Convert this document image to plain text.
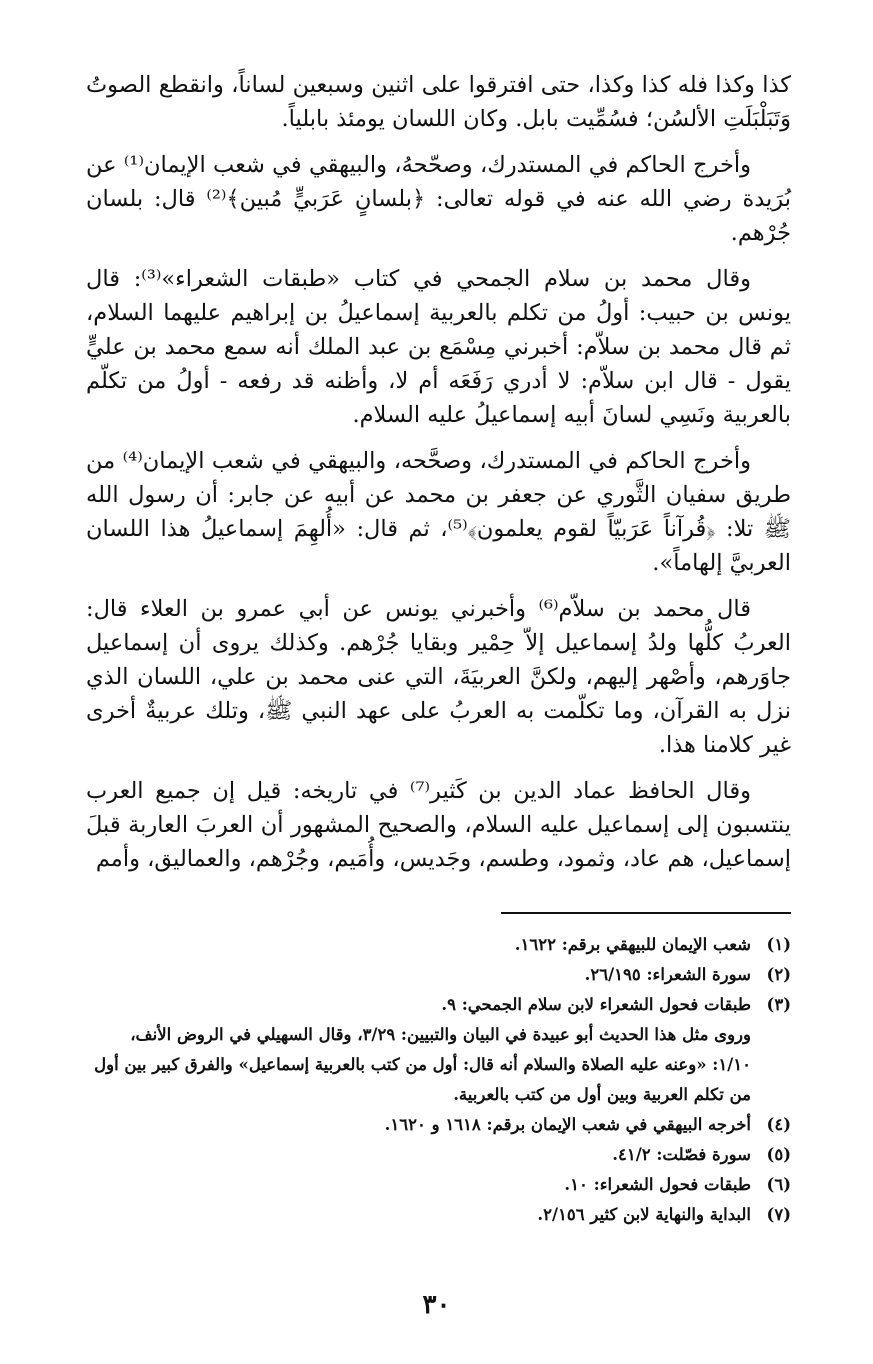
كذا وكذا فله كذا وكذا، حتى افترقوا على اثنين وسبعين لساناً، وانقطع الصوتُ وَتَبَلْبَلَتِ الألسُن؛ فسُمِّيت بابل. وكان اللسان يومئذ بابلياً.

وأخرج الحاكم في المستدرك، وصحّحهُ، والبيهقي في شعب الإيمان⁽¹⁾ عن بُرَيدة رضي الله عنه في قوله تعالى: ﴿بلسانٍ عَرَبيٍّ مُبين﴾⁽²⁾ قال: بلسان جُرْهم.

وقال محمد بن سلام الجمحي في كتاب «طبقات الشعراء»⁽³⁾: قال يونس بن حبيب: أولُ من تكلم بالعربية إسماعيلُ بن إبراهيم عليهما السلام، ثم قال محمد بن سلاّم: أخبرني مِسْمَع بن عبد الملك أنه سمع محمد بن عليٍّ يقول - قال ابن سلاّم: لا أدري رَفَعَه أم لا، وأظنه قد رفعه - أولُ من تكلّم بالعربية ونَسِي لسانَ أبيه إسماعيلُ عليه السلام.

وأخرج الحاكم في المستدرك، وصحَّحه، والبيهقي في شعب الإيمان⁽⁴⁾ من طريق سفيان الثَّوري عن جعفر بن محمد عن أبيه عن جابر: أن رسول الله ﷺ تلا: ﴿قُرآناً عَرَبيّاً لقوم يعلمون﴾⁽⁵⁾، ثم قال: «أُلهِمَ إسماعيلُ هذا اللسان العربيَّ إلهاماً».

قال محمد بن سلاّم⁽⁶⁾ وأخبرني يونس عن أبي عمرو بن العلاء قال: العربُ كلُّها ولدُ إسماعيل إلاّ حِمْير وبقايا جُرْهم. وكذلك يروى أن إسماعيل جاوَرهم، وأصْهر إليهم، ولكنَّ العربيَةَ، التي عنى محمد بن علي، اللسان الذي نزل به القرآن، وما تكلّمت به العربُ على عهد النبي ﷺ، وتلك عربيةٌ أخرى غير كلامنا هذا.

وقال الحافظ عماد الدين بن كَثير⁽⁷⁾ في تاريخه: قيل إن جميع العرب ينتسبون إلى إسماعيل عليه السلام، والصحيح المشهور أن العربَ العاربة قبلَ إسماعيل، هم عاد، وثمود، وطسم، وجَديس، وأُمَيم، وجُرْهم، والعماليق، وأمم

(١)
شعب الإيمان للبيهقي برقم: ١٦٢٢.
(٢)
سورة الشعراء: ٢٦/١٩٥.
(٣)
طبقات فحول الشعراء لابن سلام الجمحي: ٩.
وروى مثل هذا الحديث أبو عبيدة في البيان والتبيين: ٣/٢٩، وقال السهيلي في الروض الأنف، ١/١٠: «وعنه عليه الصلاة والسلام أنه قال: أول من كتب بالعربية إسماعيل» والفرق كبير بين أول من تكلم العربية وبين أول من كتب بالعربية.
(٤)
أخرجه البيهقي في شعب الإيمان برقم: ١٦١٨ و ١٦٢٠.
(٥)
سورة فصّلت: ٤١/٢.
(٦)
طبقات فحول الشعراء: ١٠.
(٧)
البداية والنهاية لابن كثير ٢/١٥٦.
٣٠
